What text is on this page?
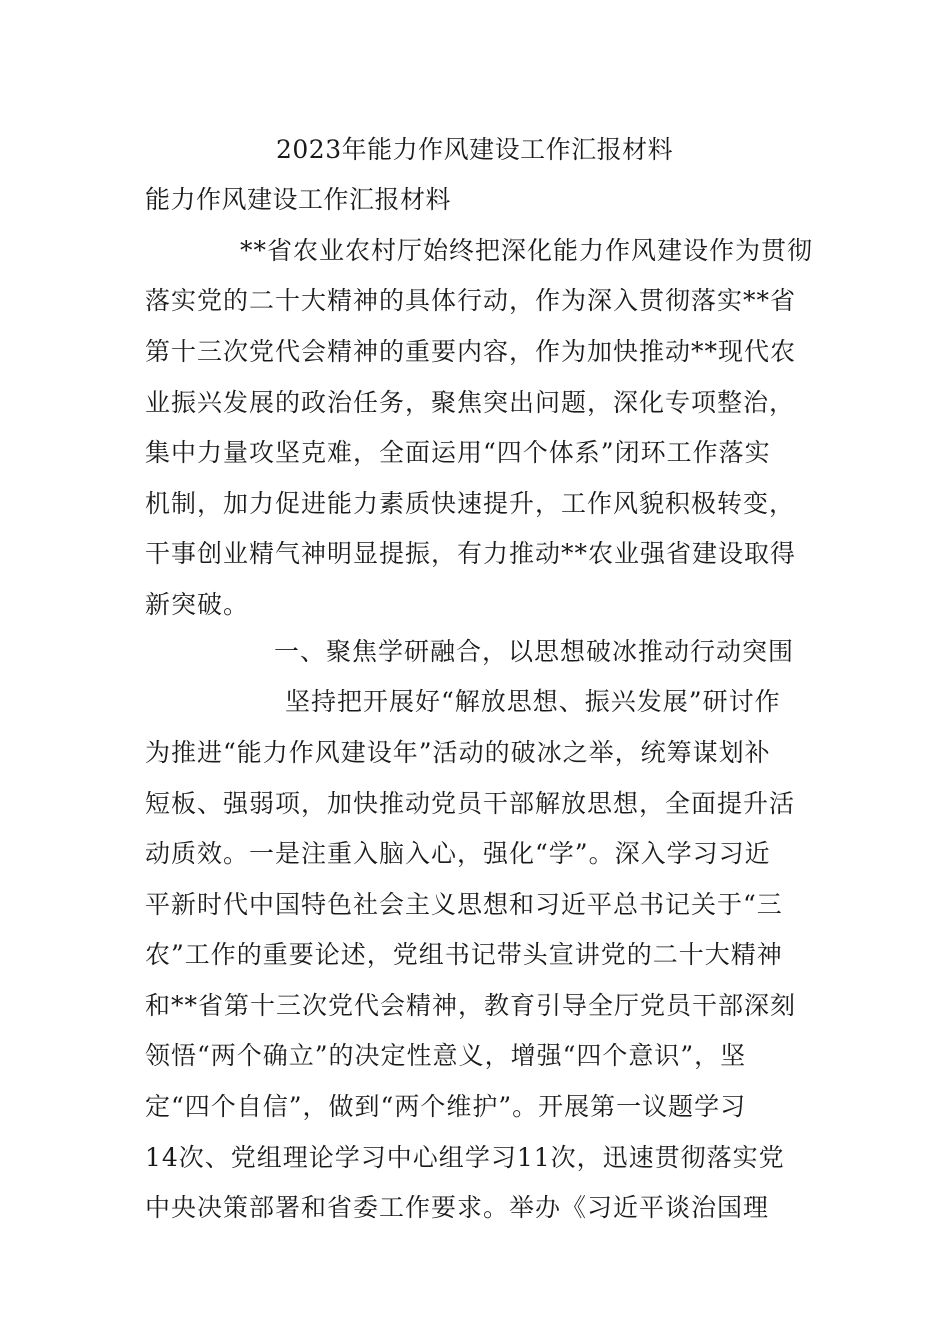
2023年能力作风建设工作汇报材料
能力作风建设工作汇报材料
**省农业农村厅始终把深化能力作风建设作为贯彻
落实党的二十大精神的具体行动，作为深入贯彻落实**省
第十三次党代会精神的重要内容，作为加快推动**现代农
业振兴发展的政治任务，聚焦突出问题，深化专项整治，
集中力量攻坚克难，全面运用“四个体系”闭环工作落实
机制，加力促进能力素质快速提升，工作风貌积极转变，
干事创业精气神明显提振，有力推动**农业强省建设取得
新突破。
一、聚焦学研融合，以思想破冰推动行动突围
坚持把开展好“解放思想、振兴发展”研讨作
为推进“能力作风建设年”活动的破冰之举，统筹谋划补
短板、强弱项，加快推动党员干部解放思想，全面提升活
动质效。一是注重入脑入心，强化“学”。深入学习习近
平新时代中国特色社会主义思想和习近平总书记关于“三
农”工作的重要论述，党组书记带头宣讲党的二十大精神
和**省第十三次党代会精神，教育引导全厅党员干部深刻
领悟“两个确立”的决定性意义，增强“四个意识”，坚
定“四个自信”，做到“两个维护”。开展第一议题学习
14次、党组理论学习中心组学习11次，迅速贯彻落实党
中央决策部署和省委工作要求。举办《习近平谈治国理
